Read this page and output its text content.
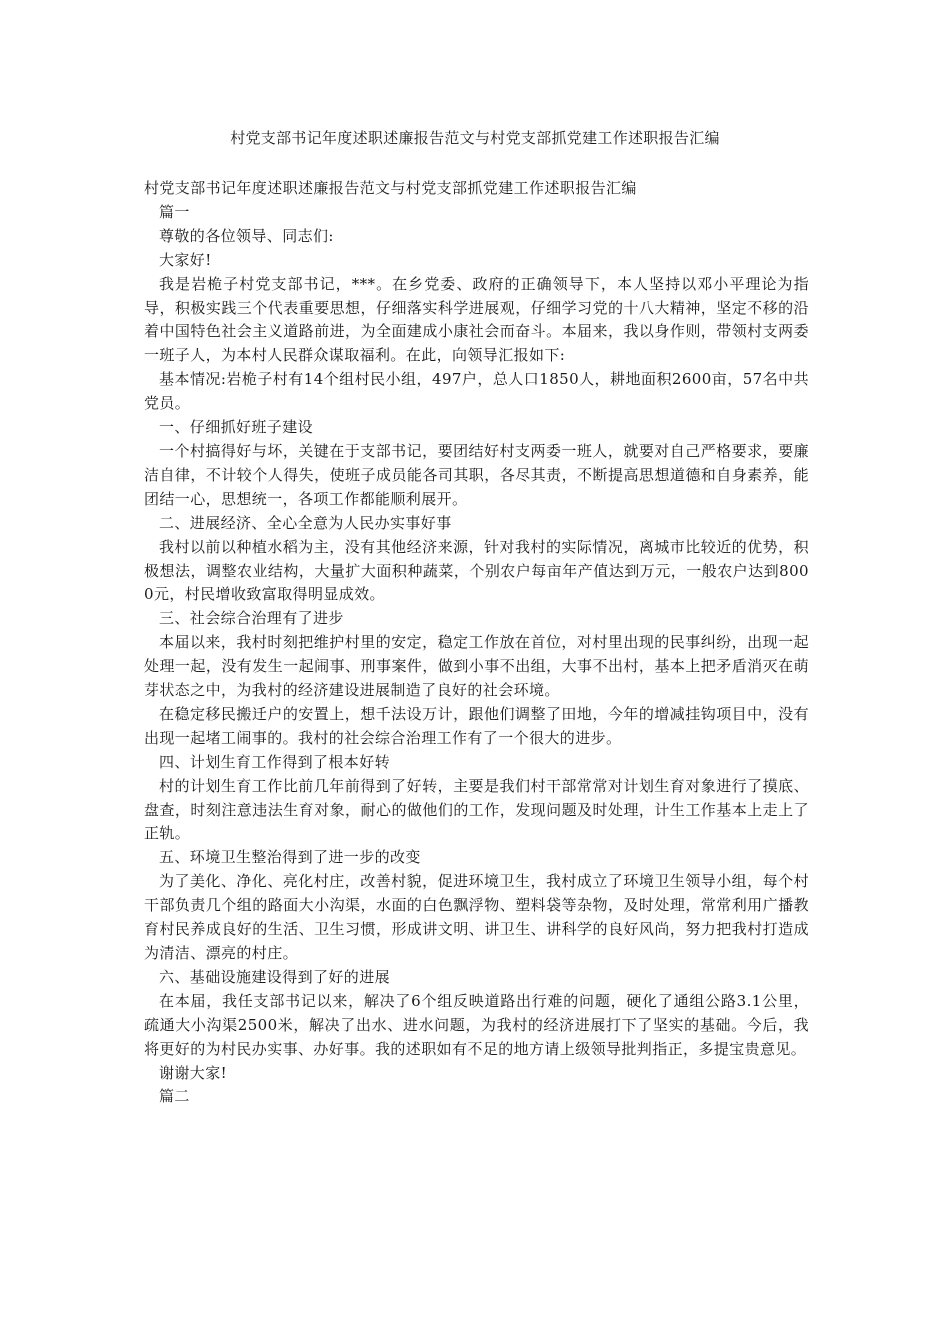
村党支部书记年度述职述廉报告范文与村党支部抓党建工作述职报告汇编

村党支部书记年度述职述廉报告范文与村党支部抓党建工作述职报告汇编

篇一

尊敬的各位领导、同志们:

大家好!

我是岩桅子村党支部书记，***。在乡党委、政府的正确领导下，本人坚持以邓小平理论为指导，积极实践三个代表重要思想，仔细落实科学进展观，仔细学习党的十八大精神，坚定不移的沿着中国特色社会主义道路前进，为全面建成小康社会而奋斗。本届来，我以身作则，带领村支两委一班子人，为本村人民群众谋取福利。在此，向领导汇报如下:

基本情况:岩桅子村有14个组村民小组，497户，总人口1850人，耕地面积2600亩，57名中共党员。

一、仔细抓好班子建设

一个村搞得好与坏，关键在于支部书记，要团结好村支两委一班人，就要对自己严格要求，要廉洁自律，不计较个人得失，使班子成员能各司其职，各尽其责，不断提高思想道德和自身素养，能团结一心，思想统一，各项工作都能顺利展开。

二、进展经济、全心全意为人民办实事好事

我村以前以种植水稻为主，没有其他经济来源，针对我村的实际情况，离城市比较近的优势，积极想法，调整农业结构，大量扩大面积种蔬菜，个别农户每亩年产值达到万元，一般农户达到8000元，村民增收致富取得明显成效。

三、社会综合治理有了进步

本届以来，我村时刻把维护村里的安定，稳定工作放在首位，对村里出现的民事纠纷，出现一起处理一起，没有发生一起闹事、刑事案件，做到小事不出组，大事不出村，基本上把矛盾消灭在萌芽状态之中，为我村的经济建设进展制造了良好的社会环境。

在稳定移民搬迁户的安置上，想千法设万计，跟他们调整了田地，今年的增减挂钩项目中，没有出现一起堵工闹事的。我村的社会综合治理工作有了一个很大的进步。

四、计划生育工作得到了根本好转

村的计划生育工作比前几年前得到了好转，主要是我们村干部常常对计划生育对象进行了摸底、盘查，时刻注意违法生育对象，耐心的做他们的工作，发现问题及时处理，计生工作基本上走上了正轨。

五、环境卫生整治得到了进一步的改变

为了美化、净化、亮化村庄，改善村貌，促进环境卫生，我村成立了环境卫生领导小组，每个村干部负责几个组的路面大小沟渠，水面的白色飘浮物、塑料袋等杂物，及时处理，常常利用广播教育村民养成良好的生活、卫生习惯，形成讲文明、讲卫生、讲科学的良好风尚，努力把我村打造成为清洁、漂亮的村庄。

六、基础设施建设得到了好的进展

在本届，我任支部书记以来，解决了6个组反映道路出行难的问题，硬化了通组公路3.1公里，疏通大小沟渠2500米，解决了出水、进水问题，为我村的经济进展打下了坚实的基础。今后，我将更好的为村民办实事、办好事。我的述职如有不足的地方请上级领导批判指正，多提宝贵意见。

谢谢大家!

篇二
